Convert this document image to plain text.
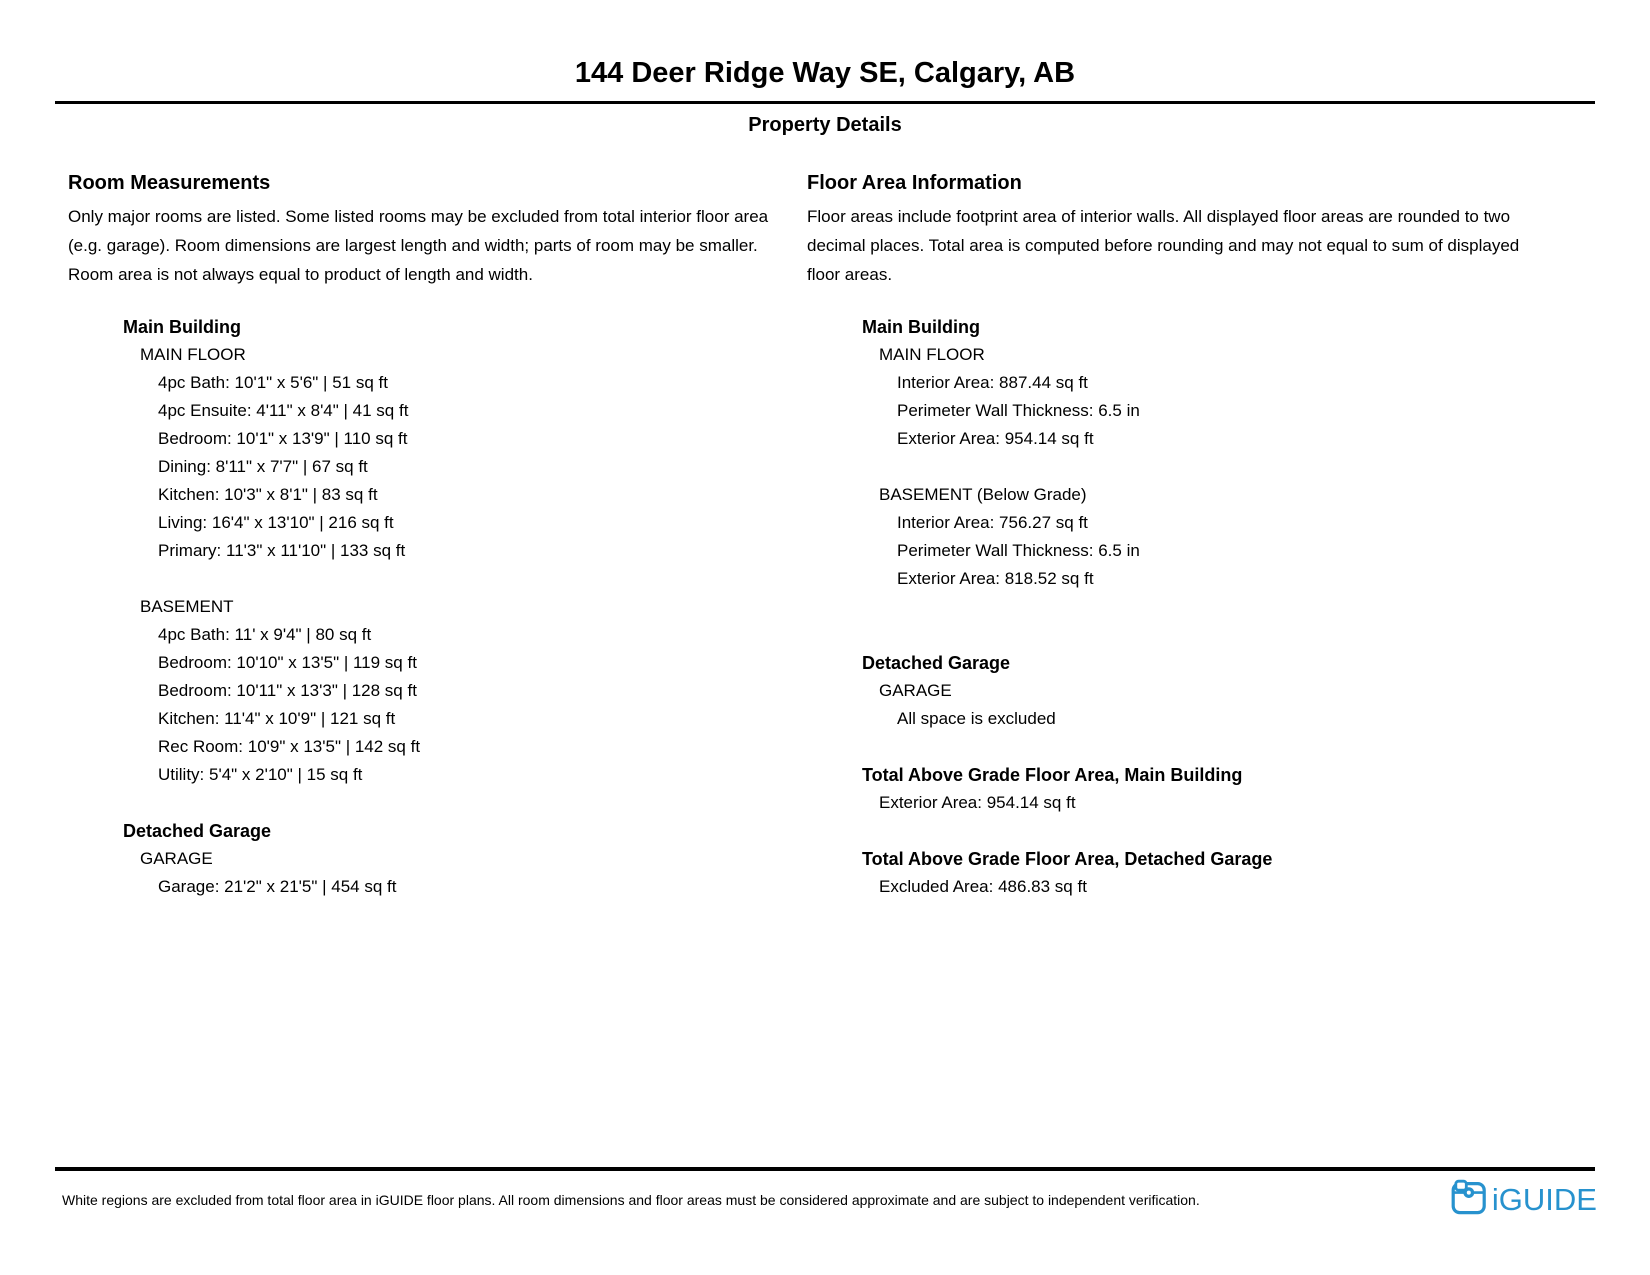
144 Deer Ridge Way SE, Calgary, AB
Property Details
Room Measurements
Only major rooms are listed. Some listed rooms may be excluded from total interior floor area
(e.g. garage). Room dimensions are largest length and width; parts of room may be smaller.
Room area is not always equal to product of length and width.
Main Building
MAIN FLOOR
4pc Bath: 10'1" x 5'6" | 51 sq ft
4pc Ensuite: 4'11" x 8'4" | 41 sq ft
Bedroom: 10'1" x 13'9" | 110 sq ft
Dining: 8'11" x 7'7" | 67 sq ft
Kitchen: 10'3" x 8'1" | 83 sq ft
Living: 16'4" x 13'10" | 216 sq ft
Primary: 11'3" x 11'10" | 133 sq ft
BASEMENT
4pc Bath: 11' x 9'4" | 80 sq ft
Bedroom: 10'10" x 13'5" | 119 sq ft
Bedroom: 10'11" x 13'3" | 128 sq ft
Kitchen: 11'4" x 10'9" | 121 sq ft
Rec Room: 10'9" x 13'5" | 142 sq ft
Utility: 5'4" x 2'10" | 15 sq ft
Detached Garage
GARAGE
Garage: 21'2" x 21'5" | 454 sq ft
Floor Area Information
Floor areas include footprint area of interior walls. All displayed floor areas are rounded to two
decimal places. Total area is computed before rounding and may not equal to sum of displayed
floor areas.
Main Building
MAIN FLOOR
Interior Area: 887.44 sq ft
Perimeter Wall Thickness: 6.5 in
Exterior Area: 954.14 sq ft
BASEMENT (Below Grade)
Interior Area: 756.27 sq ft
Perimeter Wall Thickness: 6.5 in
Exterior Area: 818.52 sq ft
Detached Garage
GARAGE
All space is excluded
Total Above Grade Floor Area, Main Building
Exterior Area: 954.14 sq ft
Total Above Grade Floor Area, Detached Garage
Excluded Area: 486.83 sq ft

White regions are excluded from total floor area in iGUIDE floor plans. All room dimensions and floor areas must be considered approximate and are subject to independent verification.	iGUIDE
